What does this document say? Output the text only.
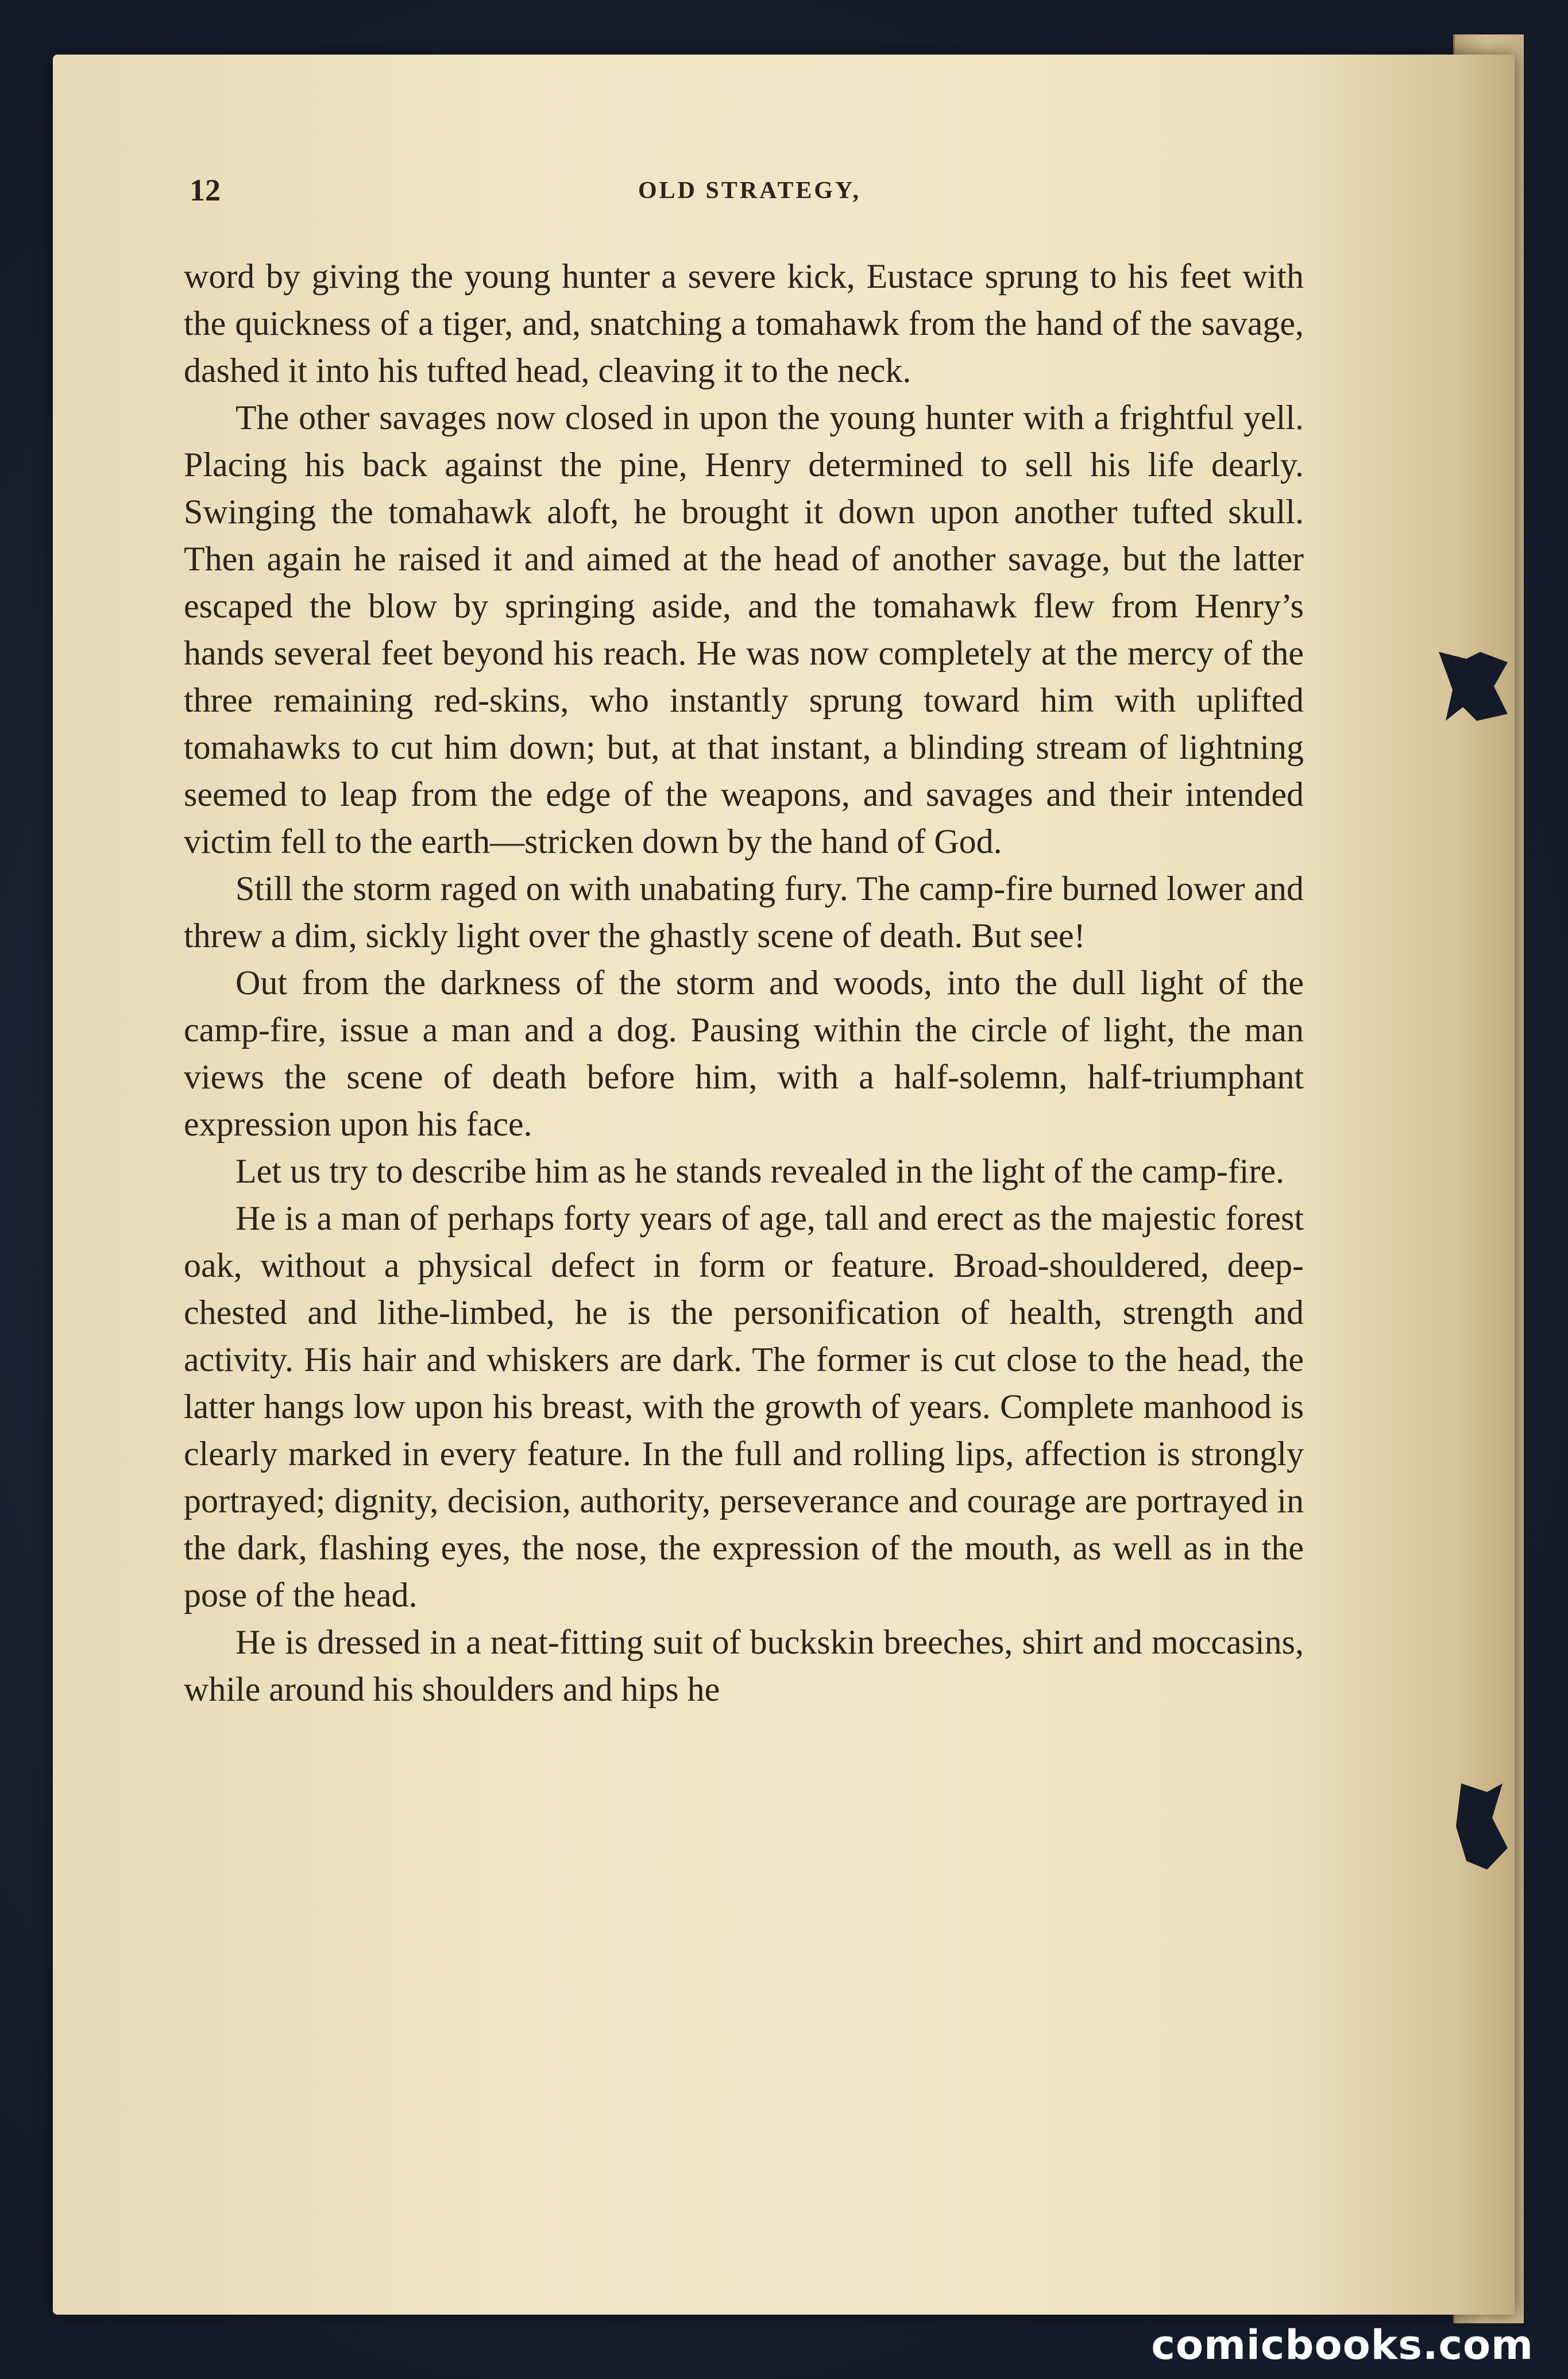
12	OLD STRATEGY,

word by giving the young hunter a severe kick, Eustace sprung to his feet with the quickness of a tiger, and, snatching a tomahawk from the hand of the savage, dashed it into his tufted head, cleaving it to the neck.

The other savages now closed in upon the young hunter with a frightful yell. Placing his back against the pine, Henry determined to sell his life dearly. Swinging the tomahawk aloft, he brought it down upon another tufted skull. Then again he raised it and aimed at the head of another savage, but the latter escaped the blow by springing aside, and the tomahawk flew from Henry’s hands several feet beyond his reach. He was now completely at the mercy of the three remaining red-skins, who instantly sprung toward him with uplifted tomahawks to cut him down; but, at that instant, a blinding stream of lightning seemed to leap from the edge of the weapons, and savages and their intended victim fell to the earth—stricken down by the hand of God.

Still the storm raged on with unabating fury. The camp-fire burned lower and threw a dim, sickly light over the ghastly scene of death. But see!

Out from the darkness of the storm and woods, into the dull light of the camp-fire, issue a man and a dog. Pausing within the circle of light, the man views the scene of death before him, with a half-solemn, half-triumphant expression upon his face.

Let us try to describe him as he stands revealed in the light of the camp-fire.

He is a man of perhaps forty years of age, tall and erect as the majestic forest oak, without a physical defect in form or feature. Broad-shouldered, deep-chested and lithe-limbed, he is the personification of health, strength and activity. His hair and whiskers are dark. The former is cut close to the head, the latter hangs low upon his breast, with the growth of years. Complete manhood is clearly marked in every feature. In the full and rolling lips, affection is strongly portrayed; dignity, decision, authority, perseverance and courage are portrayed in the dark, flashing eyes, the nose, the expression of the mouth, as well as in the pose of the head.

He is dressed in a neat-fitting suit of buckskin breeches, shirt and moccasins, while around his shoulders and hips he

comicbooks.com
